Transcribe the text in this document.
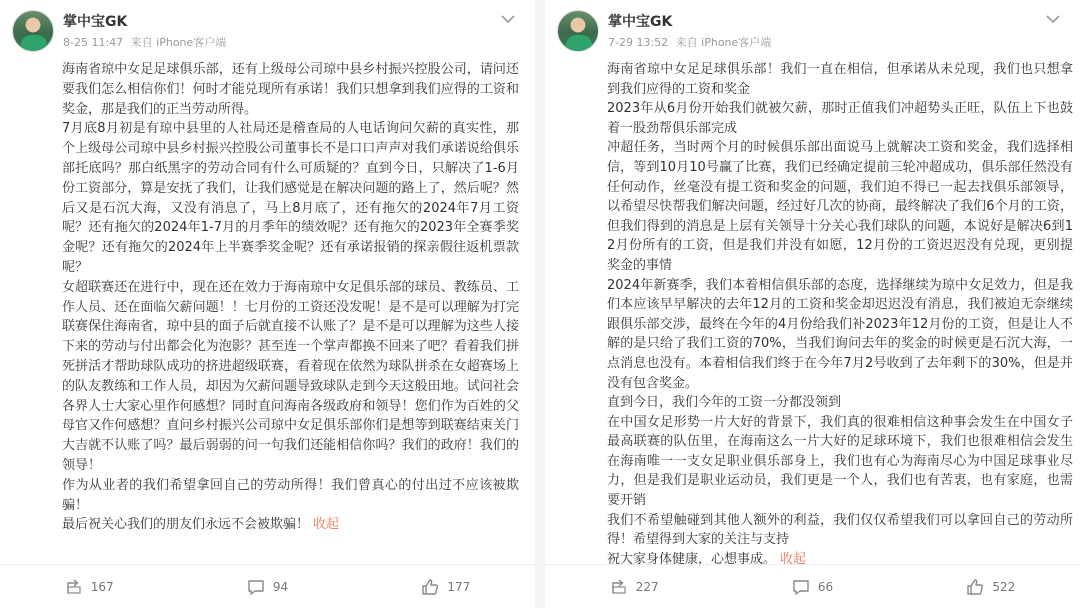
掌中宝GK
8-25 11:47 来自 iPhone客户端

海南省琼中女足足球俱乐部，还有上级母公司琼中县乡村振兴控股公司，请问还要我们怎么相信你们！何时才能兑现所有承诺！我们只想拿到我们应得的工资和奖金，那是我们的正当劳动所得。

7月底8月初是有琼中县里的人社局还是稽查局的人电话询问欠薪的真实性，那个上级母公司琼中县乡村振兴控股公司董事长不是口口声声对我们承诺说给俱乐部托底吗？那白纸黑字的劳动合同有什么可质疑的？直到今日，只解决了1-6月份工资部分，算是安抚了我们，让我们感觉是在解决问题的路上了，然后呢？然后又是石沉大海，又没有消息了，马上8月底了，还有拖欠的2024年7月工资呢？还有拖欠的2024年1-7月的月季年的绩效呢？还有拖欠的2023年全赛季奖金呢？还有拖欠的2024年上半赛季奖金呢？还有承诺报销的探亲假往返机票款呢？

女超联赛还在进行中，现在还在效力于海南琼中女足俱乐部的球员、教练员、工作人员、还在面临欠薪问题！！七月份的工资还没发呢！是不是可以理解为打完联赛保住海南省，琼中县的面子后就直接不认账了？是不是可以理解为这些人接下来的劳动与付出都会化为泡影？甚至连一个掌声都换不回来了吧？看着我们拼死拼活才帮助球队成功的挤进超级联赛，看着现在依然为球队拼杀在女超赛场上的队友教练和工作人员，却因为欠薪问题导致球队走到今天这般田地。试问社会各界人士大家心里作何感想？同时直问海南各级政府和领导！您们作为百姓的父母官又作何感想？直问乡村振兴公司琼中女足俱乐部你们是想等到联赛结束关门大吉就不认账了吗？最后弱弱的问一句我们还能相信你吗？我们的政府！我们的领导！

作为从业者的我们希望拿回自己的劳动所得！我们曾真心的付出过不应该被欺骗！

最后祝关心我们的朋友们永远不会被欺骗！ 收起

167	94	177
掌中宝GK
7-29 13:52 来自 iPhone客户端

海南省琼中女足足球俱乐部！我们一直在相信，但承诺从未兑现，我们也只想拿到我们应得的工资和奖金

2023年从6月份开始我们就被欠薪，那时正值我们冲超势头正旺，队伍上下也鼓着一股劲帮俱乐部完成

冲超任务，当时两个月的时候俱乐部出面说马上就解决工资和奖金，我们选择相信，等到10月10号赢了比赛，我们已经确定提前三轮冲超成功，俱乐部任然没有任何动作，丝毫没有提工资和奖金的问题，我们迫不得已一起去找俱乐部领导，以希望尽快帮我们解决问题，经过好几次的协商，最终解决了我们6个月的工资，但我们得到的消息是上层有关领导十分关心我们球队的问题，本说好是解决6到12月份所有的工资，但是我们并没有如愿，12月份的工资迟迟没有兑现，更别提奖金的事情

2024年新赛季，我们本着相信俱乐部的态度，选择继续为琼中女足效力，但是我们本应该早早解决的去年12月的工资和奖金却迟迟没有消息，我们被迫无奈继续跟俱乐部交涉，最终在今年的4月份给我们补2023年12月份的工资，但是让人不解的是只给了我们工资的70%，当我们询问去年的奖金的时候更是石沉大海，一点消息也没有。本着相信我们终于在今年7月2号收到了去年剩下的30%，但是并没有包含奖金。

直到今日，我们今年的工资一分都没领到

在中国女足形势一片大好的背景下，我们真的很难相信这种事会发生在中国女子最高联赛的队伍里，在海南这么一片大好的足球环境下，我们也很难相信会发生在海南唯一一支女足职业俱乐部身上，我们也有心为海南尽心为中国足球事业尽力，但是我们是职业运动员，我们更是一个人，我们也有苦衷，也有家庭，也需要开销

我们不希望触碰到其他人额外的利益，我们仅仅希望我们可以拿回自己的劳动所得！希望得到大家的关注与支持

祝大家身体健康，心想事成。 收起

227	66	522
